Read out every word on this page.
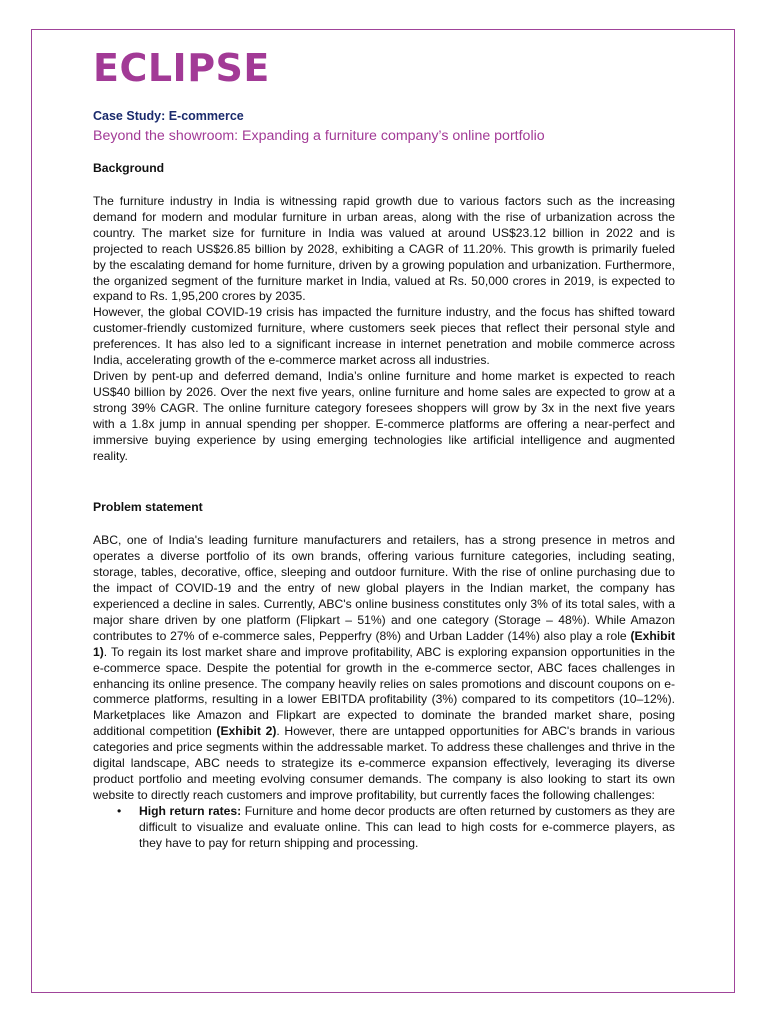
ECLIPSE
Case Study: E-commerce
Beyond the showroom: Expanding a furniture company’s online portfolio
Background

The furniture industry in India is witnessing rapid growth due to various factors such as the increasing demand for modern and modular furniture in urban areas, along with the rise of urbanization across the country. The market size for furniture in India was valued at around US$23.12 billion in 2022 and is projected to reach US$26.85 billion by 2028, exhibiting a CAGR of 11.20%. This growth is primarily fueled by the escalating demand for home furniture, driven by a growing population and urbanization. Furthermore, the organized segment of the furniture market in India, valued at Rs. 50,000 crores in 2019, is expected to expand to Rs. 1,95,200 crores by 2035.

However, the global COVID-19 crisis has impacted the furniture industry, and the focus has shifted toward customer-friendly customized furniture, where customers seek pieces that reflect their personal style and preferences. It has also led to a significant increase in internet penetration and mobile commerce across India, accelerating growth of the e-commerce market across all industries.

Driven by pent-up and deferred demand, India’s online furniture and home market is expected to reach US$40 billion by 2026. Over the next five years, online furniture and home sales are expected to grow at a strong 39% CAGR. The online furniture category foresees shoppers will grow by 3x in the next five years with a 1.8x jump in annual spending per shopper. E-commerce platforms are offering a near-perfect and immersive buying experience by using emerging technologies like artificial intelligence and augmented reality.

Problem statement

ABC, one of India's leading furniture manufacturers and retailers, has a strong presence in metros and operates a diverse portfolio of its own brands, offering various furniture categories, including seating, storage, tables, decorative, office, sleeping and outdoor furniture. With the rise of online purchasing due to the impact of COVID-19 and the entry of new global players in the Indian market, the company has experienced a decline in sales. Currently, ABC's online business constitutes only 3% of its total sales, with a major share driven by one platform (Flipkart – 51%) and one category (Storage – 48%). While Amazon contributes to 27% of e-commerce sales, Pepperfry (8%) and Urban Ladder (14%) also play a role (Exhibit 1). To regain its lost market share and improve profitability, ABC is exploring expansion opportunities in the e-commerce space. Despite the potential for growth in the e-commerce sector, ABC faces challenges in enhancing its online presence. The company heavily relies on sales promotions and discount coupons on e-commerce platforms, resulting in a lower EBITDA profitability (3%) compared to its competitors (10–12%). Marketplaces like Amazon and Flipkart are expected to dominate the branded market share, posing additional competition (Exhibit 2). However, there are untapped opportunities for ABC's brands in various categories and price segments within the addressable market. To address these challenges and thrive in the digital landscape, ABC needs to strategize its e-commerce expansion effectively, leveraging its diverse product portfolio and meeting evolving consumer demands. The company is also looking to start its own website to directly reach customers and improve profitability, but currently faces the following challenges:

• High return rates: Furniture and home decor products are often returned by customers as they are difficult to visualize and evaluate online. This can lead to high costs for e-commerce players, as they have to pay for return shipping and processing.
